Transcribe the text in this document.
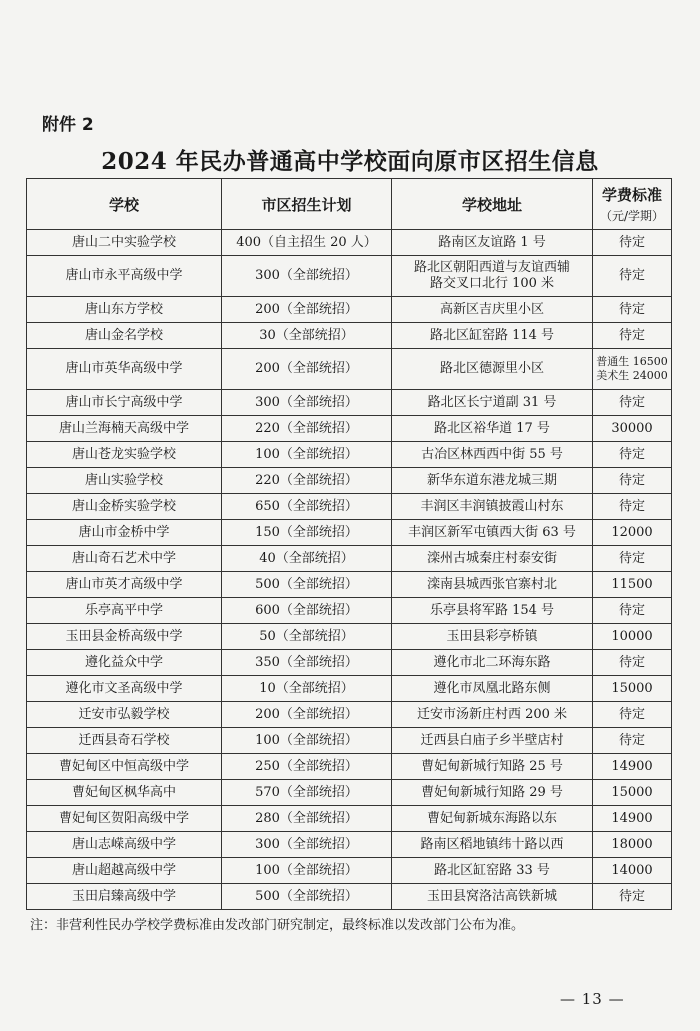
附件 2
2024 年民办普通高中学校面向原市区招生信息
学校	市区招生计划	学校地址	学费标准
（元/学期）

唐山二中实验学校	400（自主招生 20 人）	路南区友谊路 1 号	待定
唐山市永平高级中学	300（全部统招）	路北区朝阳西道与友谊西辅
路交叉口北行 100 米	待定
唐山东方学校	200（全部统招）	高新区吉庆里小区	待定
唐山金名学校	30（全部统招）	路北区缸窑路 114 号	待定
唐山市英华高级中学	200（全部统招）	路北区德源里小区	普通生 16500
美术生 24000

唐山市长宁高级中学	300（全部统招）	路北区长宁道副 31 号	待定
唐山兰海楠天高级中学	220（全部统招）	路北区裕华道 17 号	30000
唐山苍龙实验学校	100（全部统招）	古冶区林西西中街 55 号	待定
唐山实验学校	220（全部统招）	新华东道东港龙城三期	待定
唐山金桥实验学校	650（全部统招）	丰润区丰润镇披霞山村东	待定
唐山市金桥中学	150（全部统招）	丰润区新军屯镇西大街 63 号	12000
唐山奇石艺术中学	40（全部统招）	滦州古城秦庄村泰安街	待定
唐山市英才高级中学	500（全部统招）	滦南县城西张官寨村北	11500
乐亭高平中学	600（全部统招）	乐亭县将军路 154 号	待定
玉田县金桥高级中学	50（全部统招）	玉田县彩亭桥镇	10000
遵化益众中学	350（全部统招）	遵化市北二环海东路	待定
遵化市文圣高级中学	10（全部统招）	遵化市凤凰北路东侧	15000
迁安市弘毅学校	200（全部统招）	迁安市汤新庄村西 200 米	待定
迁西县奇石学校	100（全部统招）	迁西县白庙子乡半壁店村	待定
曹妃甸区中恒高级中学	250（全部统招）	曹妃甸新城行知路 25 号	14900
曹妃甸区枫华高中	570（全部统招）	曹妃甸新城行知路 29 号	15000
曹妃甸区贺阳高级中学	280（全部统招）	曹妃甸新城东海路以东	14900
唐山志嵘高级中学	300（全部统招）	路南区稻地镇纬十路以西	18000
唐山超越高级中学	100（全部统招）	路北区缸窑路 33 号	14000
玉田启臻高级中学	500（全部统招）	玉田县窝洛沽高铁新城	待定
注：非营利性民办学校学费标准由发改部门研究制定，最终标准以发改部门公布为准。
— 13 —
